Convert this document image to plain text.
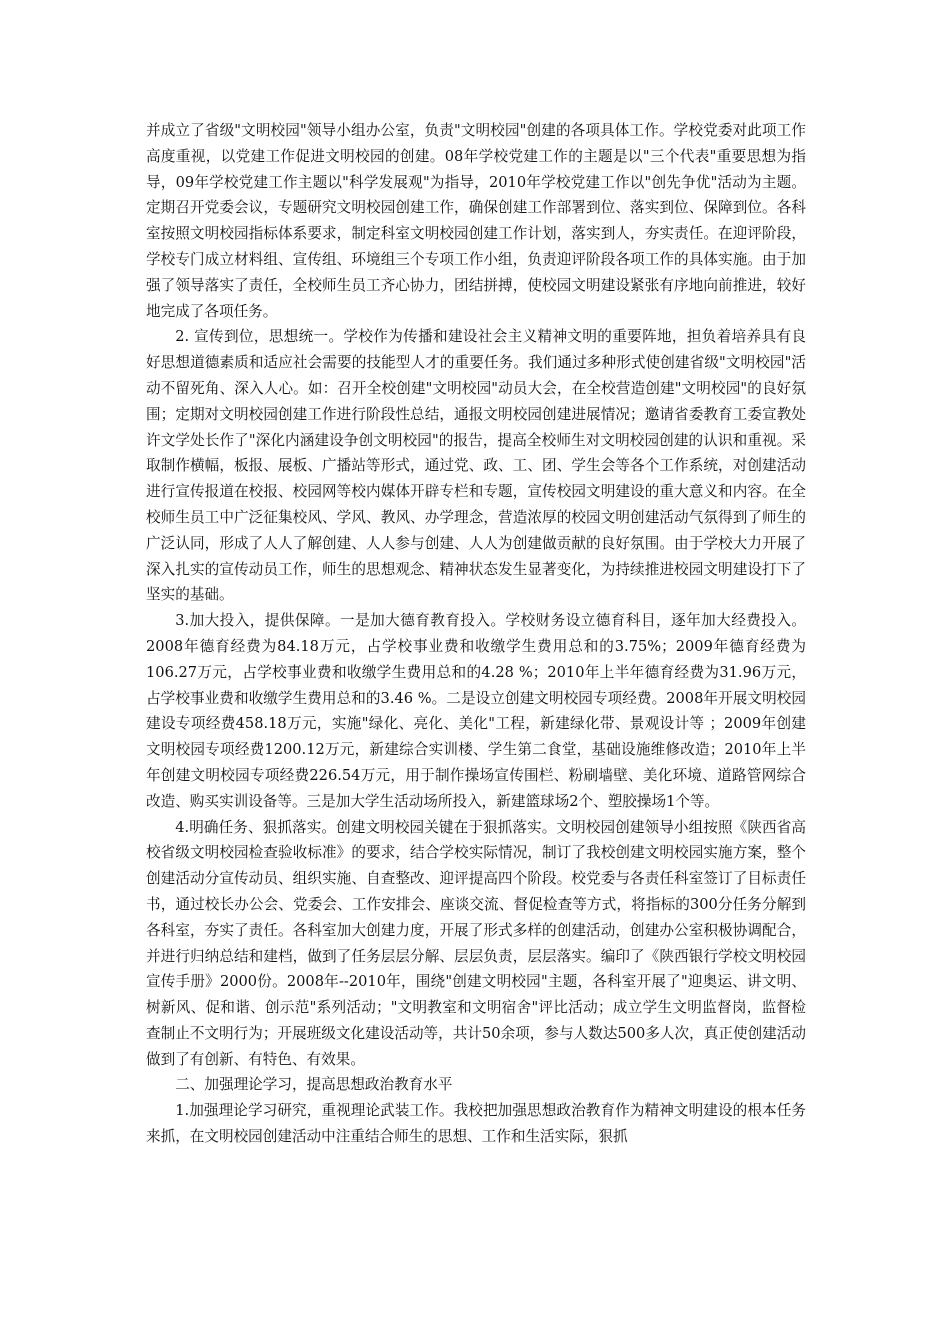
并成立了省级"文明校园"领导小组办公室，负责"文明校园"创建的各项具体工作。学校党委对此项工作高度重视，以党建工作促进文明校园的创建。08年学校党建工作的主题是以"三个代表"重要思想为指导，09年学校党建工作主题以"科学发展观"为指导，2010年学校党建工作以"创先争优"活动为主题。定期召开党委会议，专题研究文明校园创建工作，确保创建工作部署到位、落实到位、保障到位。各科室按照文明校园指标体系要求，制定科室文明校园创建工作计划，落实到人，夯实责任。在迎评阶段，学校专门成立材料组、宣传组、环境组三个专项工作小组，负责迎评阶段各项工作的具体实施。由于加强了领导落实了责任，全校师生员工齐心协力，团结拼搏，使校园文明建设紧张有序地向前推进，较好地完成了各项任务。

2. 宣传到位，思想统一。学校作为传播和建设社会主义精神文明的重要阵地，担负着培养具有良好思想道德素质和适应社会需要的技能型人才的重要任务。我们通过多种形式使创建省级"文明校园"活动不留死角、深入人心。如：召开全校创建"文明校园"动员大会，在全校营造创建"文明校园"的良好氛围；定期对文明校园创建工作进行阶段性总结，通报文明校园创建进展情况；邀请省委教育工委宣教处许文学处长作了"深化内涵建设争创文明校园"的报告，提高全校师生对文明校园创建的认识和重视。采取制作横幅，板报、展板、广播站等形式，通过党、政、工、团、学生会等各个工作系统，对创建活动进行宣传报道在校报、校园网等校内媒体开辟专栏和专题，宣传校园文明建设的重大意义和内容。在全校师生员工中广泛征集校风、学风、教风、办学理念，营造浓厚的校园文明创建活动气氛得到了师生的广泛认同，形成了人人了解创建、人人参与创建、人人为创建做贡献的良好氛围。由于学校大力开展了深入扎实的宣传动员工作，师生的思想观念、精神状态发生显著变化，为持续推进校园文明建设打下了坚实的基础。

3.加大投入，提供保障。一是加大德育教育投入。学校财务设立德育科目，逐年加大经费投入。2008年德育经费为84.18万元，占学校事业费和收缴学生费用总和的3.75%；2009年德育经费为106.27万元，占学校事业费和收缴学生费用总和的4.28 %；2010年上半年德育经费为31.96万元，占学校事业费和收缴学生费用总和的3.46 %。二是设立创建文明校园专项经费。2008年开展文明校园建设专项经费458.18万元，实施"绿化、亮化、美化"工程，新建绿化带、景观设计等 ；2009年创建文明校园专项经费1200.12万元，新建综合实训楼、学生第二食堂，基础设施维修改造；2010年上半年创建文明校园专项经费226.54万元，用于制作操场宣传围栏、粉刷墙壁、美化环境、道路管网综合改造、购买实训设备等。三是加大学生活动场所投入，新建篮球场2个、塑胶操场1个等。

4.明确任务、狠抓落实。创建文明校园关键在于狠抓落实。文明校园创建领导小组按照《陕西省高校省级文明校园检查验收标准》的要求，结合学校实际情况，制订了我校创建文明校园实施方案，整个创建活动分宣传动员、组织实施、自查整改、迎评提高四个阶段。校党委与各责任科室签订了目标责任书，通过校长办公会、党委会、工作安排会、座谈交流、督促检查等方式，将指标的300分任务分解到各科室，夯实了责任。各科室加大创建力度，开展了形式多样的创建活动，创建办公室积极协调配合，并进行归纳总结和建档，做到了任务层层分解、层层负责，层层落实。编印了《陕西银行学校文明校园宣传手册》2000份。2008年--2010年，围绕"创建文明校园"主题，各科室开展了"迎奥运、讲文明、树新风、促和谐、创示范"系列活动；"文明教室和文明宿舍"评比活动；成立学生文明监督岗，监督检查制止不文明行为；开展班级文化建设活动等，共计50余项，参与人数达500多人次，真正使创建活动做到了有创新、有特色、有效果。

二、加强理论学习，提高思想政治教育水平

1.加强理论学习研究，重视理论武装工作。我校把加强思想政治教育作为精神文明建设的根本任务来抓，在文明校园创建活动中注重结合师生的思想、工作和生活实际，狠抓
